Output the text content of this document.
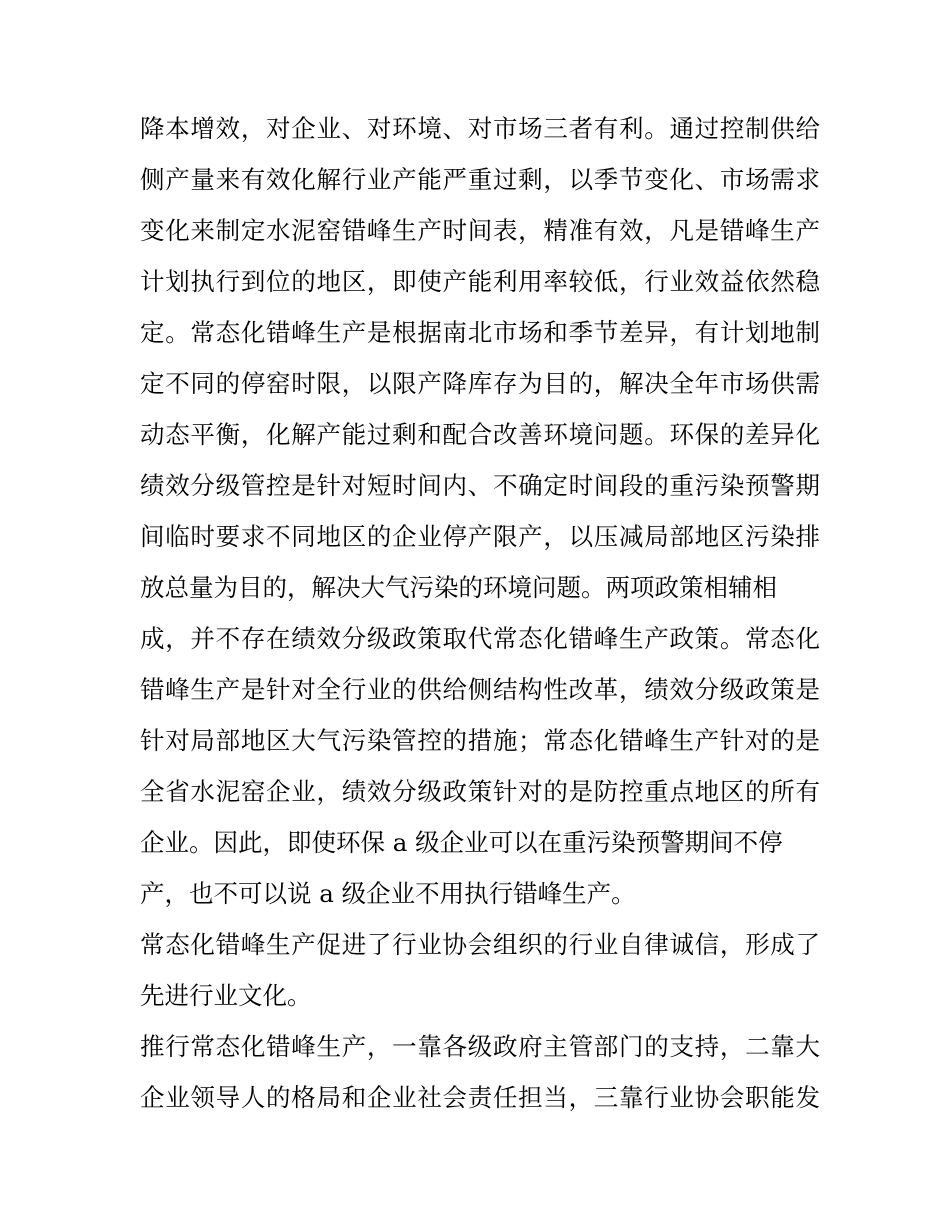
降本增效，对企业、对环境、对市场三者有利。通过控制供给
侧产量来有效化解行业产能严重过剩，以季节变化、市场需求
变化来制定水泥窑错峰生产时间表，精准有效，凡是错峰生产
计划执行到位的地区，即使产能利用率较低，行业效益依然稳
定。常态化错峰生产是根据南北市场和季节差异，有计划地制
定不同的停窑时限，以限产降库存为目的，解决全年市场供需
动态平衡，化解产能过剩和配合改善环境问题。环保的差异化
绩效分级管控是针对短时间内、不确定时间段的重污染预警期
间临时要求不同地区的企业停产限产，以压减局部地区污染排
放总量为目的，解决大气污染的环境问题。两项政策相辅相
成，并不存在绩效分级政策取代常态化错峰生产政策。常态化
错峰生产是针对全行业的供给侧结构性改革，绩效分级政策是
针对局部地区大气污染管控的措施；常态化错峰生产针对的是
全省水泥窑企业，绩效分级政策针对的是防控重点地区的所有
企业。因此，即使环保 a 级企业可以在重污染预警期间不停
产，也不可以说 a 级企业不用执行错峰生产。
常态化错峰生产促进了行业协会组织的行业自律诚信，形成了
先进行业文化。
推行常态化错峰生产，一靠各级政府主管部门的支持，二靠大
企业领导人的格局和企业社会责任担当，三靠行业协会职能发
